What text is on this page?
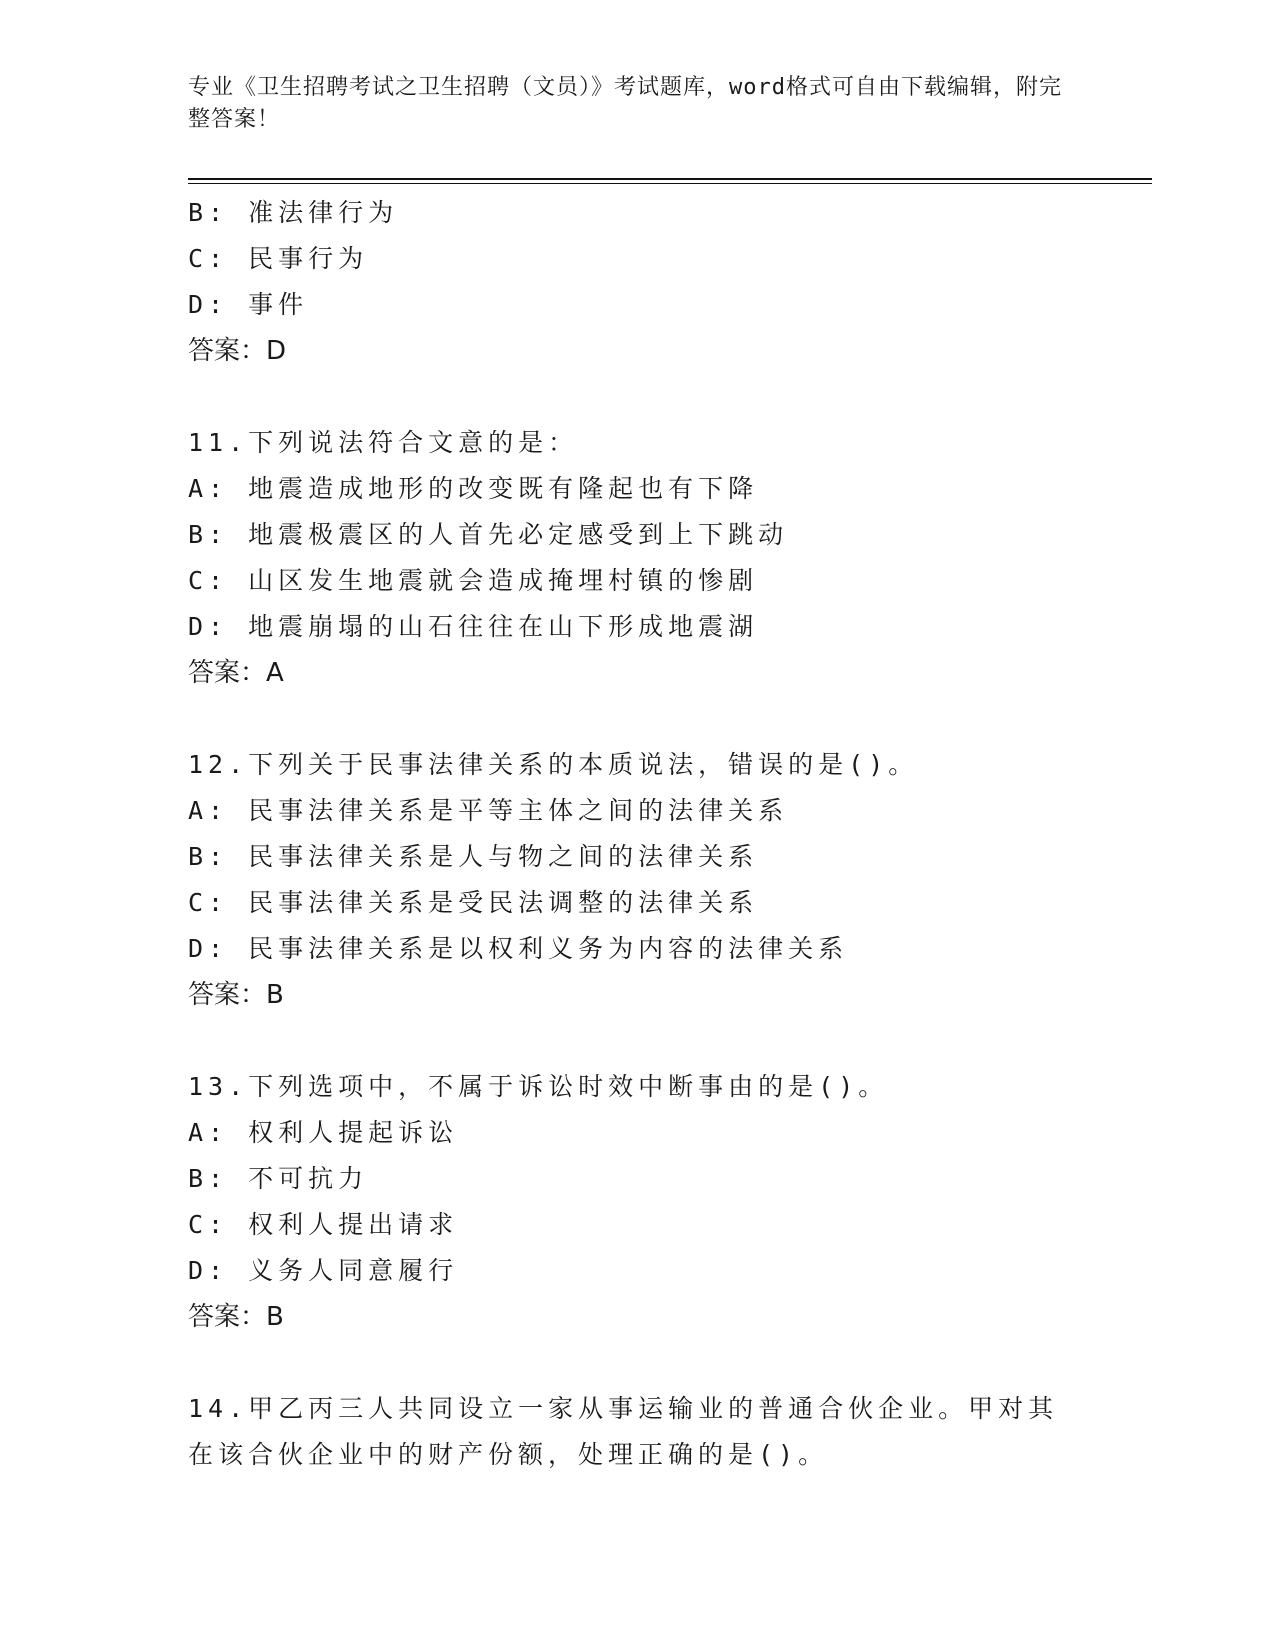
专业《卫生招聘考试之卫生招聘（文员）》考试题库，word格式可自由下载编辑，附完整答案！
B: 准法律行为
C: 民事行为
D: 事件
答案：D
11.下列说法符合文意的是：
A: 地震造成地形的改变既有隆起也有下降
B: 地震极震区的人首先必定感受到上下跳动
C: 山区发生地震就会造成掩埋村镇的惨剧
D: 地震崩塌的山石往往在山下形成地震湖
答案：A
12.下列关于民事法律关系的本质说法，错误的是()。
A: 民事法律关系是平等主体之间的法律关系
B: 民事法律关系是人与物之间的法律关系
C: 民事法律关系是受民法调整的法律关系
D: 民事法律关系是以权利义务为内容的法律关系
答案：B
13.下列选项中，不属于诉讼时效中断事由的是()。
A: 权利人提起诉讼
B: 不可抗力
C: 权利人提出请求
D: 义务人同意履行
答案：B
14.甲乙丙三人共同设立一家从事运输业的普通合伙企业。甲对其在该合伙企业中的财产份额，处理正确的是()。
